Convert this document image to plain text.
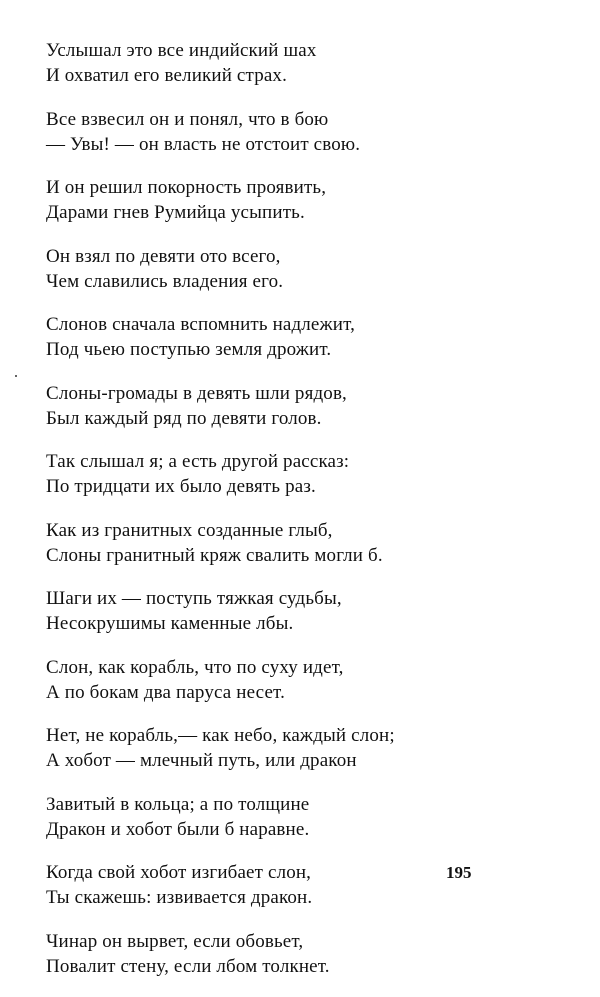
Услышал это все индийский шах
И охватил его великий страх.
Все взвесил он и понял, что в бою
— Увы! — он власть не отстоит свою.
И он решил покорность проявить,
Дарами гнев Румийца усыпить.
Он взял по девяти ото всего,
Чем славились владения его.
Слонов сначала вспомнить надлежит,
Под чьею поступью земля дрожит.
Слоны-громады в девять шли рядов,
Был каждый ряд по девяти голов.
Так слышал я; а есть другой рассказ:
По тридцати их было девять раз.
Как из гранитных созданные глыб,
Слоны гранитный кряж свалить могли б.
Шаги их — поступь тяжкая судьбы,
Несокрушимы каменные лбы.
Слон, как корабль, что по суху идет,
А по бокам два паруса несет.
Нет, не корабль,— как небо, каждый слон;
А хобот — млечный путь, или дракон
Завитый в кольца; а по толщине
Дракон и хобот были б наравне.
Когда свой хобот изгибает слон,
Ты скажешь: извивается дракон.
Чинар он вырвет, если обовьет,
Повалит стену, если лбом толкнет.
195
